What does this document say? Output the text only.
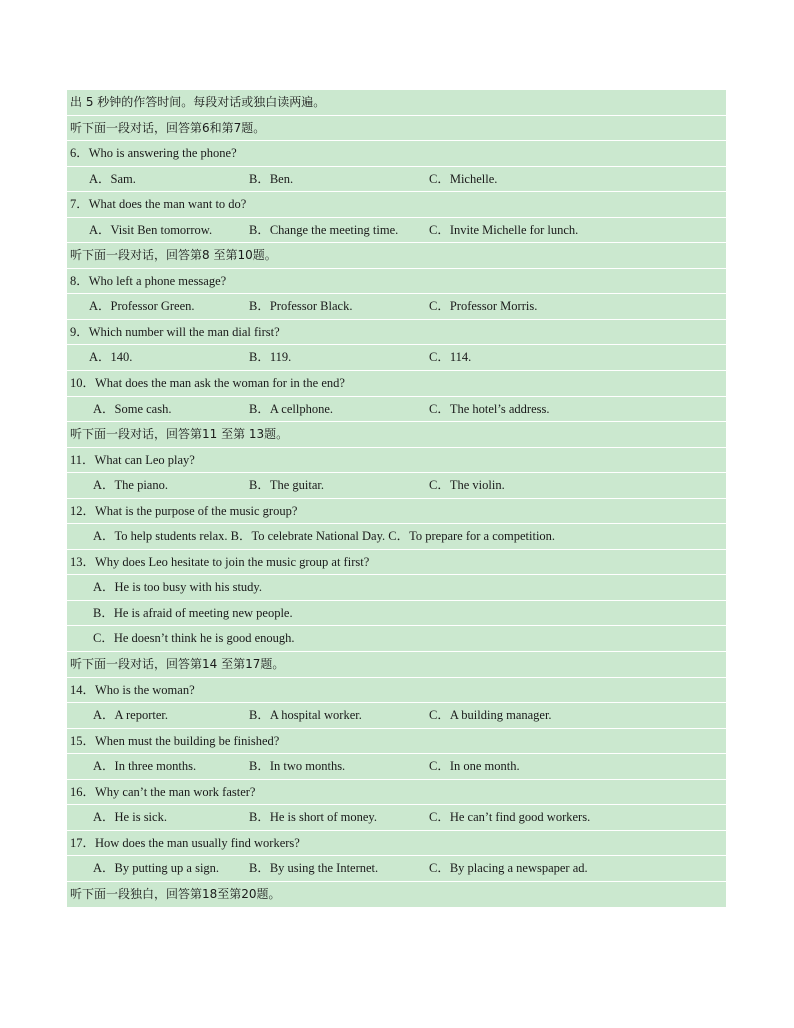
出 5 秒钟的作答时间。每段对话或独白读两遍。
听下面一段对话，回答第6和第7题。
6．Who is answering the phone?
A．Sam.	B．Ben.	C．Michelle.
7．What does the man want to do?
A．Visit Ben tomorrow.	B．Change the meeting time. C．Invite Michelle for lunch.
听下面一段对话，回答第8 至第10题。
8．Who left a phone message?
A．Professor Green.	B．Professor Black.	C．Professor Morris.
9．Which number will the man dial first?
A．140.	B．119.	C．114.
10．What does the man ask the woman for in the end?
A．Some cash.	B．A cellphone.	C．The hotel’s address.
听下面一段对话，回答第11 至第 13题。
11．What can Leo play?
A．The piano.	B．The guitar.	C．The violin.
12．What is the purpose of the music group?
A．To help students relax. B．To celebrate National Day. C．To prepare for a competition.
13．Why does Leo hesitate to join the music group at first?
A．He is too busy with his study.
B．He is afraid of meeting new people.
C．He doesn’t think he is good enough.
听下面一段对话，回答第14 至第17题。
14．Who is the woman?
A．A reporter.	B．A hospital worker.	C．A building manager.
15．When must the building be finished?
A．In three months.	B．In two months.	C．In one month.
16．Why can’t the man work faster?
A．He is sick.	B．He is short of money.	C．He can’t find good workers.
17．How does the man usually find workers?
A．By putting up a sign. B．By using the Internet.	C．By placing a newspaper ad.
听下面一段独白，回答第18至第20题。
